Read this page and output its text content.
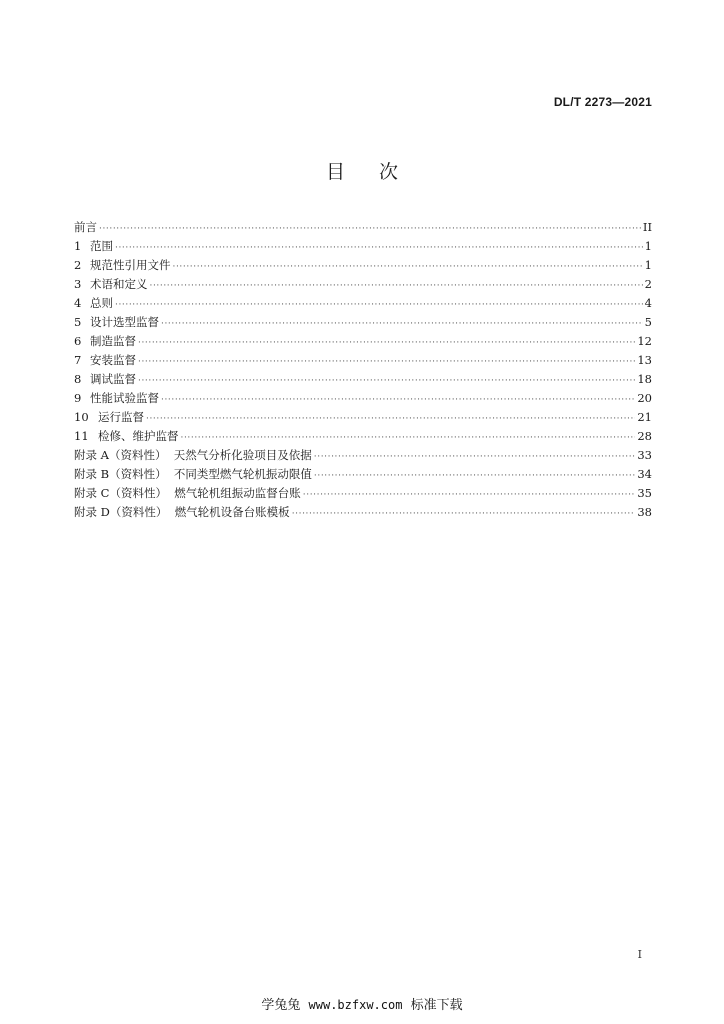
DL/T 2273—2021
目次
前言 ·····	II
1 范围 ·····	1
2 规范性引用文件 ·····	1
3 术语和定义 ·····	2
4 总则 ·····	4
5 设计选型监督 ·····	5
6 制造监督 ·····	12
7 安装监督 ·····	13
8 调试监督 ·····	18
9 性能试验监督 ·····	20
10 运行监督 ·····	21
11 检修、维护监督 ·····	28
附录 A（资料性） 天然气分析化验项目及依据 ·····	33
附录 B（资料性） 不同类型燃气轮机振动限值 ·····	34
附录 C（资料性） 燃气轮机组振动监督台账 ·····	35
附录 D（资料性） 燃气轮机设备台账模板 ·····	38
I
学兔兔 www.bzfxw.com 标准下载
